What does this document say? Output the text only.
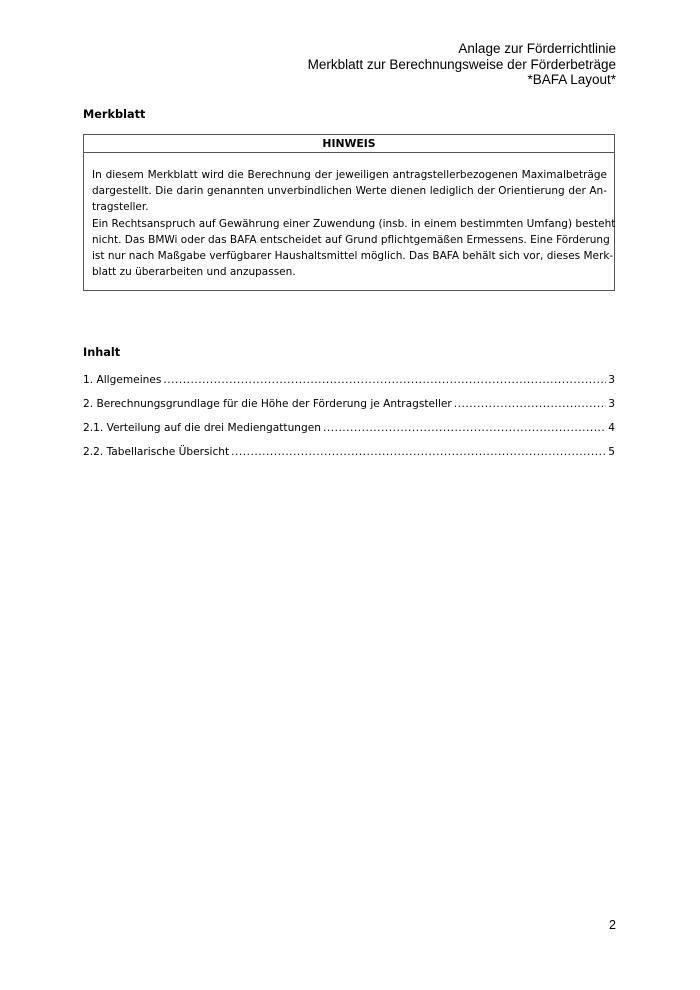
Anlage zur Förderrichtlinie
Merkblatt zur Berechnungsweise der Förderbeträge
*BAFA Layout*
Merkblatt
HINWEIS
In diesem Merkblatt wird die Berechnung der jeweiligen antragstellerbezogenen Maximalbeträge
dargestellt. Die darin genannten unverbindlichen Werte dienen lediglich der Orientierung der An-
tragsteller.
Ein Rechtsanspruch auf Gewährung einer Zuwendung (insb. in einem bestimmten Umfang) besteht
nicht. Das BMWi oder das BAFA entscheidet auf Grund pflichtgemäßen Ermessens. Eine Förderung
ist nur nach Maßgabe verfügbarer Haushaltsmittel möglich. Das BAFA behält sich vor, dieses Merk-
blatt zu überarbeiten und anzupassen.
Inhalt
1. Allgemeines .....	3
2. Berechnungsgrundlage für die Höhe der Förderung je Antragsteller .....	3
2.1. Verteilung auf die drei Mediengattungen .....	4
2.2. Tabellarische Übersicht .....	5
2
